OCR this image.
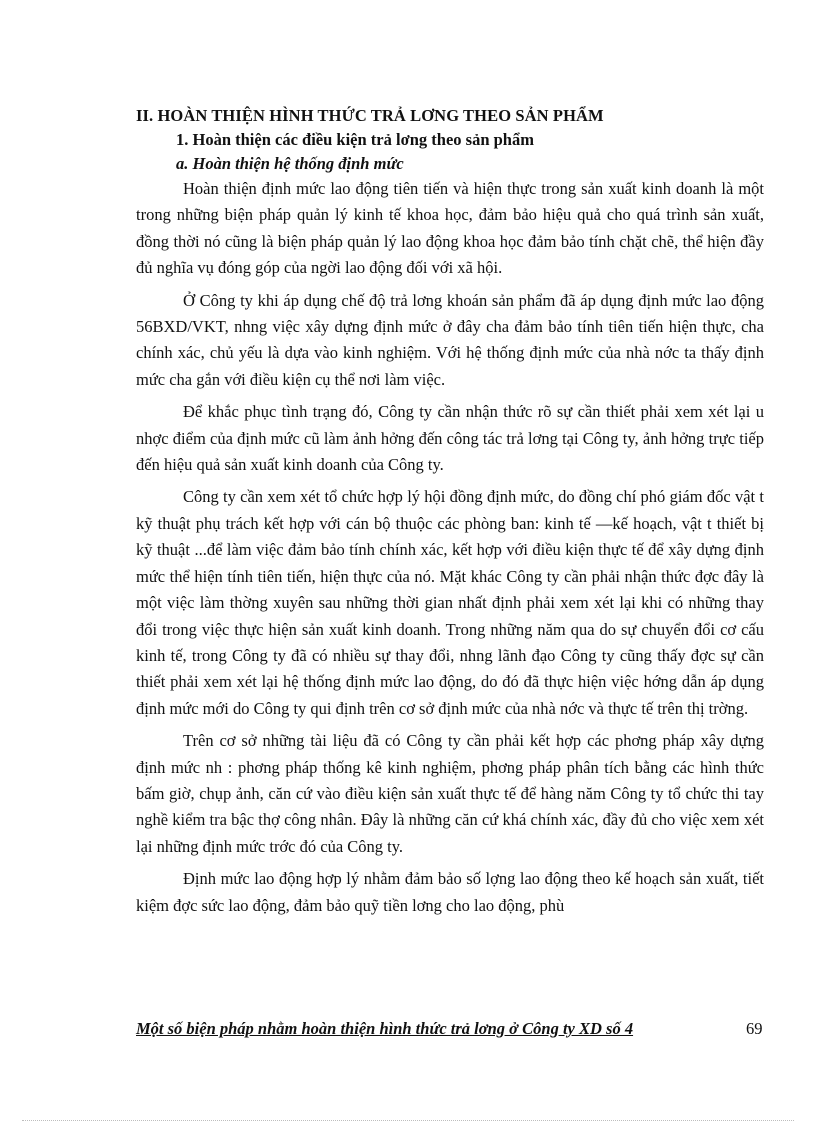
II. HOÀN THIỆN HÌNH THỨC TRẢ LƠNG THEO SẢN PHẨM

1. Hoàn thiện các điều kiện trả lơng theo sản phẩm

a. Hoàn thiện hệ thống định mức

Hoàn thiện định mức lao động tiên tiến và hiện thực trong sản xuất kinh doanh là một trong những biện pháp quản lý kinh tế khoa học, đảm bảo hiệu quả cho quá trình sản xuất, đồng thời nó cũng là biện pháp quản lý lao động khoa học đảm bảo tính chặt chẽ, thể hiện đầy đủ nghĩa vụ đóng góp của ngời lao động đối với xã hội.

Ở Công ty khi áp dụng chế độ trả lơng khoán sản phẩm đã áp dụng định mức lao động 56BXD/VKT, nhng việc xây dựng định mức ở đây cha đảm bảo tính tiên tiến hiện thực, cha chính xác, chủ yếu là dựa vào kinh nghiệm. Với hệ thống định mức của nhà nớc ta thấy định mức cha gắn với điều kiện cụ thể nơi làm việc.

Để khắc phục tình trạng đó, Công ty cần nhận thức rõ sự cần thiết phải xem xét lại u nhợc điểm của định mức cũ làm ảnh hởng đến công tác trả lơng tại Công ty, ảnh hởng trực tiếp đến hiệu quả sản xuất kinh doanh của Công ty.

Công ty cần xem xét tổ chức hợp lý hội đồng định mức, do đồng chí phó giám đốc vật t kỹ thuật phụ trách kết hợp với cán bộ thuộc các phòng ban: kinh tế —kế hoạch, vật t thiết bị kỹ thuật ...để làm việc đảm bảo tính chính xác, kết hợp với điều kiện thực tế để xây dựng định mức thể hiện tính tiên tiến, hiện thực của nó. Mặt khác Công ty cần phải nhận thức đợc đây là một việc làm thờng xuyên sau những thời gian nhất định phải xem xét lại khi có những thay đổi trong việc thực hiện sản xuất kinh doanh. Trong những năm qua do sự chuyển đổi cơ cấu kinh tế, trong Công ty đã có nhiều sự thay đổi, nhng lãnh đạo Công ty cũng thấy đợc sự cần thiết phải xem xét lại hệ thống định mức lao động, do đó đã thực hiện việc hớng dẫn áp dụng định mức mới do Công ty qui định trên cơ sở định mức của nhà nớc và thực tế trên thị trờng.

Trên cơ sở những tài liệu đã có Công ty cần phải kết hợp các phơng pháp xây dựng định mức nh : phơng pháp thống kê kinh nghiệm, phơng pháp phân tích bằng các hình thức bấm giờ, chụp ảnh, căn cứ vào điều kiện sản xuất thực tế để hàng năm Công ty tổ chức thi tay nghề kiểm tra bậc thợ công nhân. Đây là những căn cứ khá chính xác, đầy đủ cho việc xem xét lại những định mức trớc đó của Công ty.

Định mức lao động hợp lý nhằm đảm bảo số lợng lao động theo kế hoạch sản xuất, tiết kiệm đợc sức lao động, đảm bảo quỹ tiền lơng cho lao động, phù

Một số biện pháp nhằm hoàn thiện hình thức trả lơng ở Công ty XD số 4	69
